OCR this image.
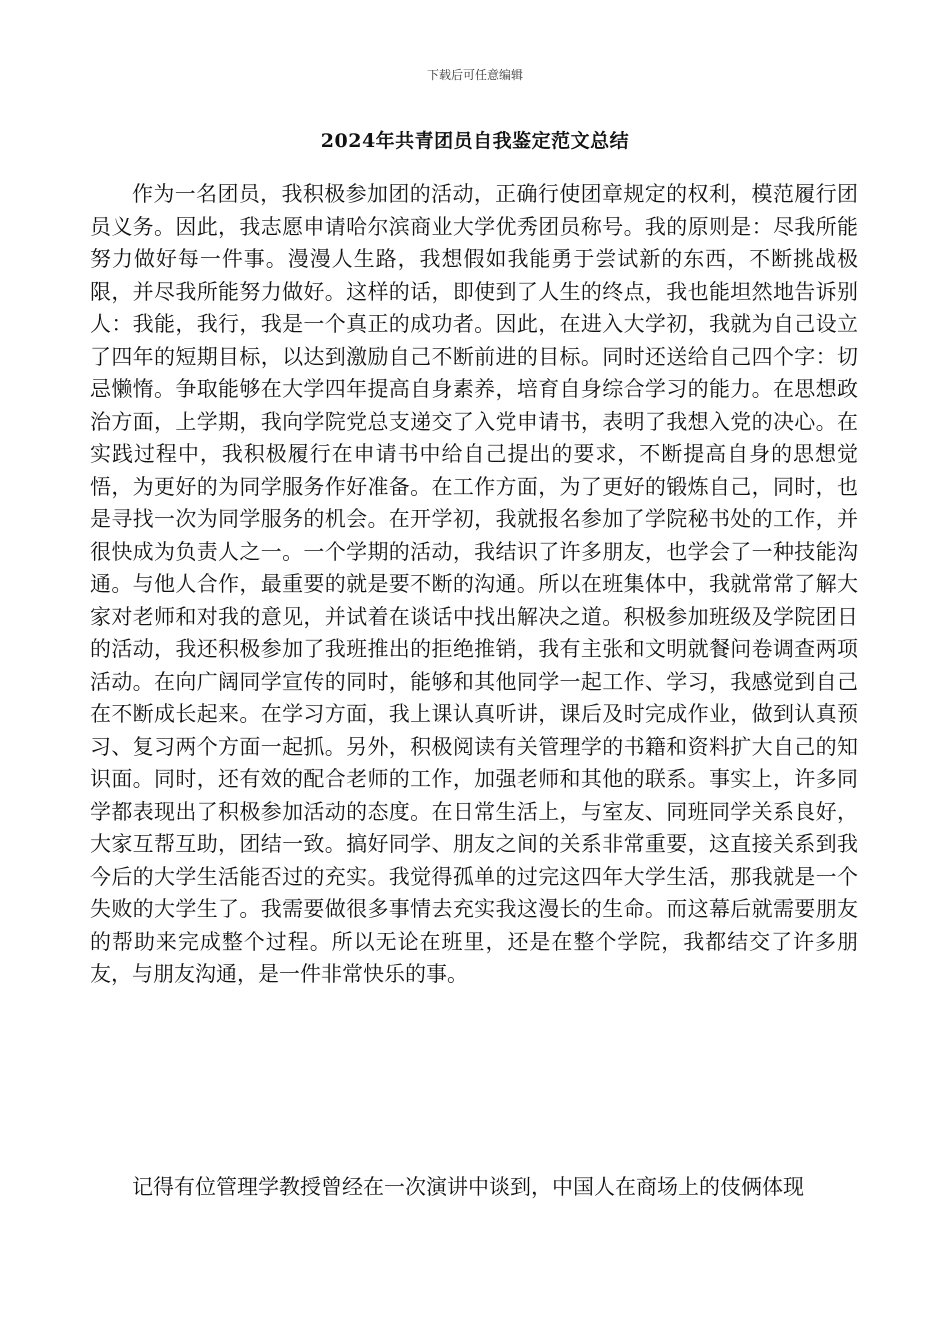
下载后可任意编辑
2024年共青团员自我鉴定范文总结

作为一名团员，我积极参加团的活动，正确行使团章规定的权利，模范履行团员义务。因此，我志愿申请哈尔滨商业大学优秀团员称号。我的原则是：尽我所能努力做好每一件事。漫漫人生路，我想假如我能勇于尝试新的东西，不断挑战极限，并尽我所能努力做好。这样的话，即使到了人生的终点，我也能坦然地告诉别人：我能，我行，我是一个真正的成功者。因此，在进入大学初，我就为自己设立了四年的短期目标，以达到激励自己不断前进的目标。同时还送给自己四个字：切忌懒惰。争取能够在大学四年提高自身素养，培育自身综合学习的能力。在思想政治方面，上学期，我向学院党总支递交了入党申请书，表明了我想入党的决心。在实践过程中，我积极履行在申请书中给自己提出的要求，不断提高自身的思想觉悟，为更好的为同学服务作好准备。在工作方面，为了更好的锻炼自己，同时，也是寻找一次为同学服务的机会。在开学初，我就报名参加了学院秘书处的工作，并很快成为负责人之一。一个学期的活动，我结识了许多朋友，也学会了一种技能沟通。与他人合作，最重要的就是要不断的沟通。所以在班集体中，我就常常了解大家对老师和对我的意见，并试着在谈话中找出解决之道。积极参加班级及学院团日的活动，我还积极参加了我班推出的拒绝推销，我有主张和文明就餐问卷调查两项活动。在向广阔同学宣传的同时，能够和其他同学一起工作、学习，我感觉到自己在不断成长起来。在学习方面，我上课认真听讲，课后及时完成作业，做到认真预习、复习两个方面一起抓。另外，积极阅读有关管理学的书籍和资料扩大自己的知识面。同时，还有效的配合老师的工作，加强老师和其他的联系。事实上，许多同学都表现出了积极参加活动的态度。在日常生活上，与室友、同班同学关系良好，大家互帮互助，团结一致。搞好同学、朋友之间的关系非常重要，这直接关系到我今后的大学生活能否过的充实。我觉得孤单的过完这四年大学生活，那我就是一个失败的大学生了。我需要做很多事情去充实我这漫长的生命。而这幕后就需要朋友的帮助来完成整个过程。所以无论在班里，还是在整个学院，我都结交了许多朋友，与朋友沟通，是一件非常快乐的事。

记得有位管理学教授曾经在一次演讲中谈到，中国人在商场上的伎俩体现
